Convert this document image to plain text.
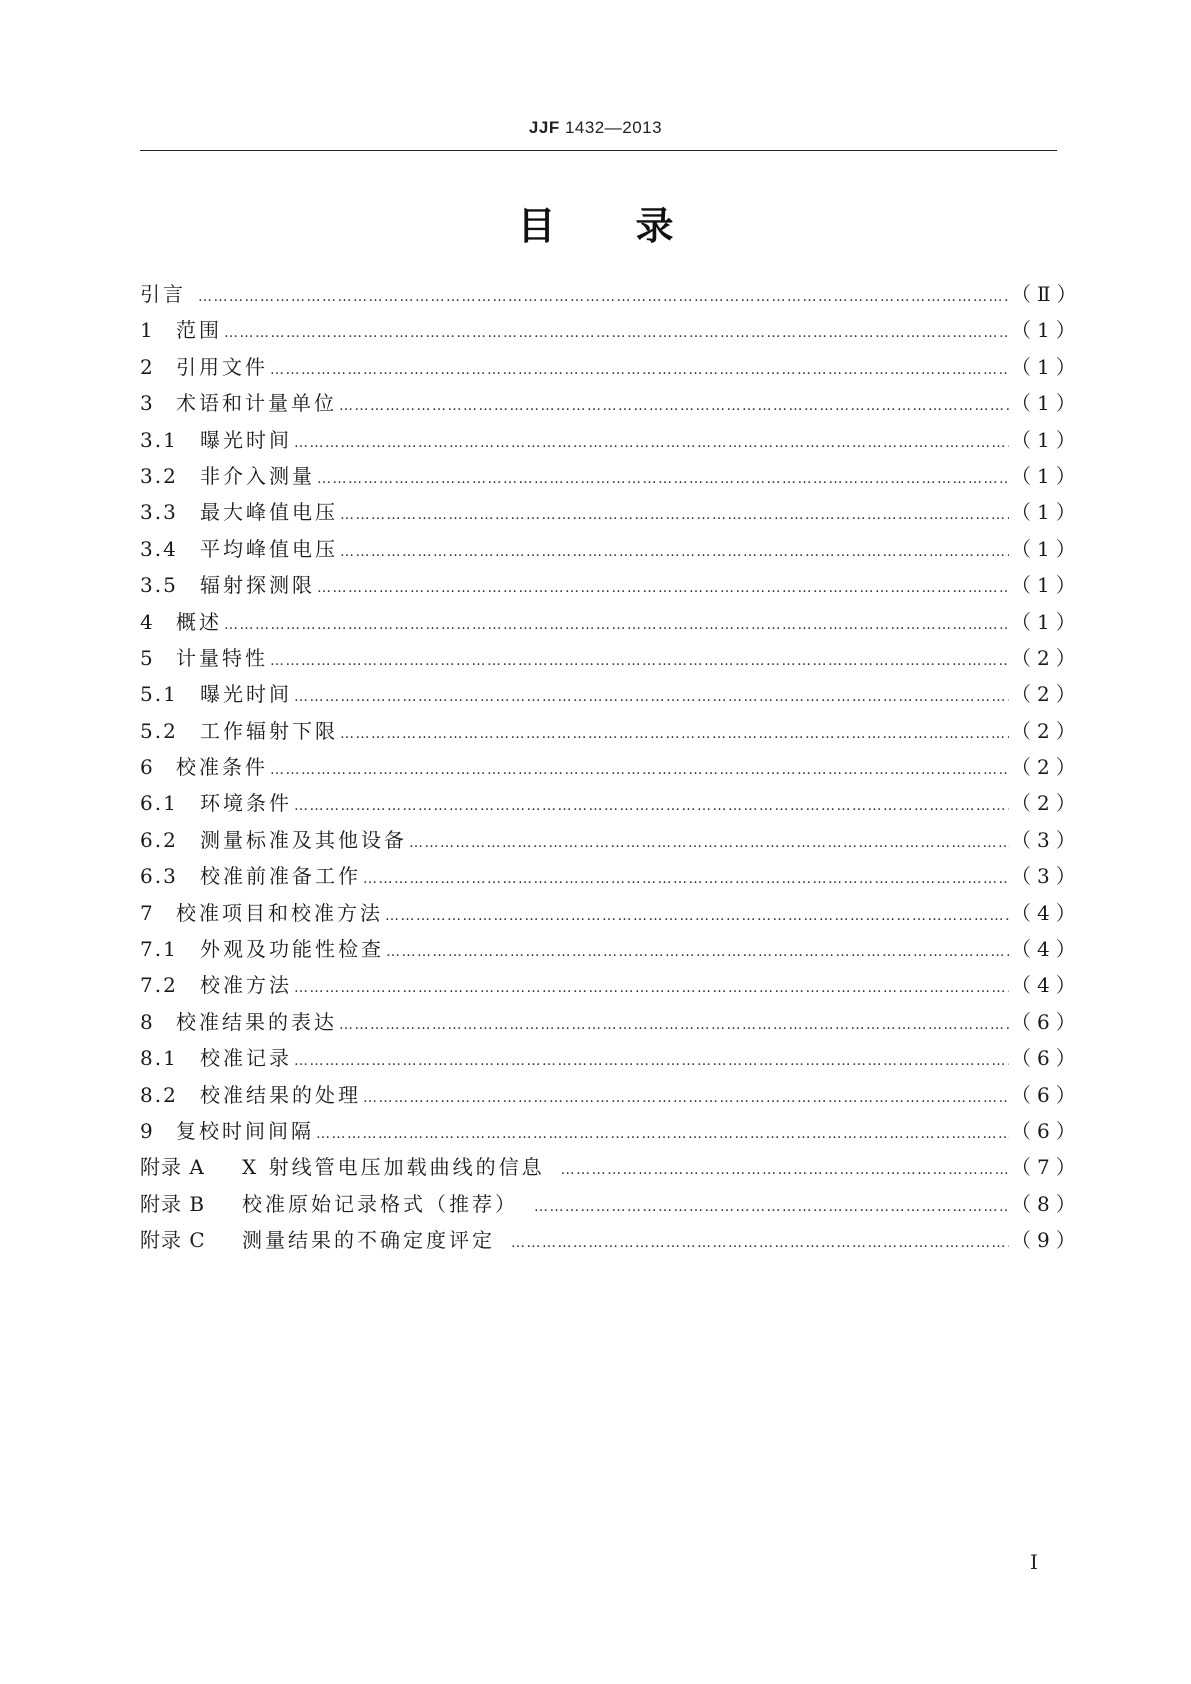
JJF 1432—2013
目 录
引言 ……………………………………………………………………………………………………………………………………………………………………………………………………………………	（Ⅱ）
1	范围 ……………………………………………………………………………………………………………………………………………………………………………………………………………………	（1）
2	引用文件 ……………………………………………………………………………………………………………………………………………………………………………………………………………………	（1）
3	术语和计量单位 ……………………………………………………………………………………………………………………………………………………………………………………………………………………	（1）
3.1	曝光时间 ……………………………………………………………………………………………………………………………………………………………………………………………………………………	（1）
3.2	非介入测量 ……………………………………………………………………………………………………………………………………………………………………………………………………………………	（1）
3.3	最大峰值电压 ……………………………………………………………………………………………………………………………………………………………………………………………………………………	（1）
3.4	平均峰值电压 ……………………………………………………………………………………………………………………………………………………………………………………………………………………	（1）
3.5	辐射探测限 ……………………………………………………………………………………………………………………………………………………………………………………………………………………	（1）
4	概述 ……………………………………………………………………………………………………………………………………………………………………………………………………………………	（1）
5	计量特性 ……………………………………………………………………………………………………………………………………………………………………………………………………………………	（2）
5.1	曝光时间 ……………………………………………………………………………………………………………………………………………………………………………………………………………………	（2）
5.2	工作辐射下限 ……………………………………………………………………………………………………………………………………………………………………………………………………………………	（2）
6	校准条件 ……………………………………………………………………………………………………………………………………………………………………………………………………………………	（2）
6.1	环境条件 ……………………………………………………………………………………………………………………………………………………………………………………………………………………	（2）
6.2	测量标准及其他设备 ……………………………………………………………………………………………………………………………………………………………………………………………………………………	（3）
6.3	校准前准备工作 ……………………………………………………………………………………………………………………………………………………………………………………………………………………	（3）
7	校准项目和校准方法 ……………………………………………………………………………………………………………………………………………………………………………………………………………………	（4）
7.1	外观及功能性检查 ……………………………………………………………………………………………………………………………………………………………………………………………………………………	（4）
7.2	校准方法 ……………………………………………………………………………………………………………………………………………………………………………………………………………………	（4）
8	校准结果的表达 ……………………………………………………………………………………………………………………………………………………………………………………………………………………	（6）
8.1	校准记录 ……………………………………………………………………………………………………………………………………………………………………………………………………………………	（6）
8.2	校准结果的处理 ……………………………………………………………………………………………………………………………………………………………………………………………………………………	（6）
9	复校时间间隔 ……………………………………………………………………………………………………………………………………………………………………………………………………………………	（6）
附录 A	X 射线管电压加载曲线的信息 ……………………………………………………………………………………………………………………………………………………………………………………………………………………	（7）
附录 B	校准原始记录格式（推荐） ……………………………………………………………………………………………………………………………………………………………………………………………………………………	（8）
附录 C	测量结果的不确定度评定 ……………………………………………………………………………………………………………………………………………………………………………………………………………………	（9）
Ⅰ
